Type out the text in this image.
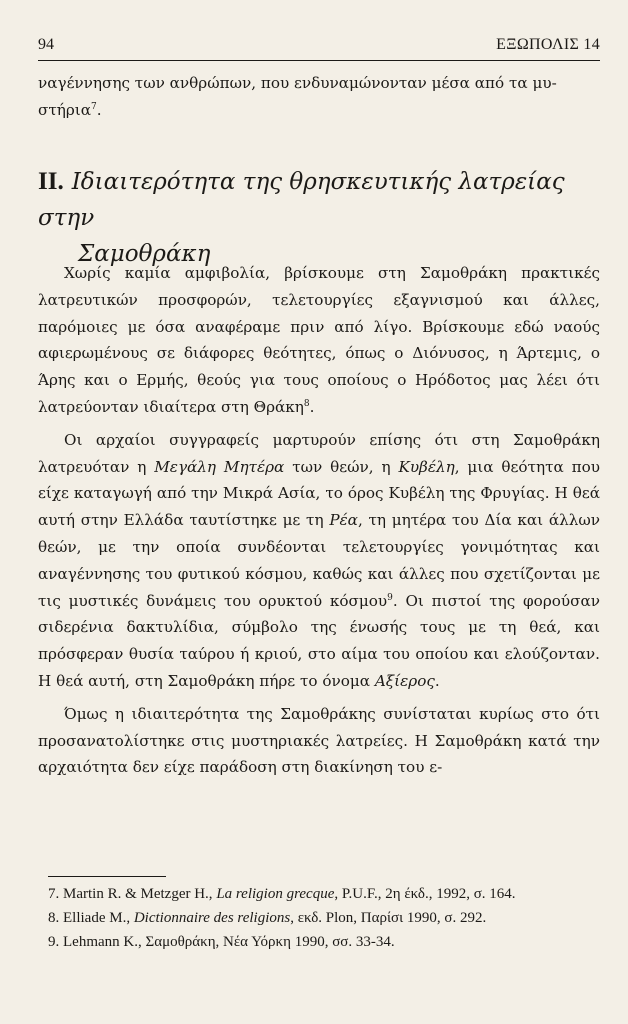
94	ΕΞΩΠΟΛΙΣ 14

ναγέννησης των ανθρώπων, που ενδυναμώνονταν μέσα από τα μυ-
στήρια$^7$.

II. Ιδιαιτερότητα της θρησκευτικής λατρείας στην
Σαμοθράκη

Χωρίς καμία αμφιβολία, βρίσκουμε στη Σαμοθράκη πρακτικές λατρευτικών προσφορών, τελετουργίες εξαγνισμού και άλλες, παρόμοιες με όσα αναφέραμε πριν από λίγο. Βρίσκουμε εδώ ναούς αφιερωμένους σε διάφορες θεότητες, όπως ο Διόνυσος, η Άρτεμις, ο Άρης και ο Ερμής, θεούς για τους οποίους ο Ηρόδοτος μας λέει ότι λατρεύονταν ιδιαίτερα στη Θράκη$^8$.

Οι αρχαίοι συγγραφείς μαρτυρούν επίσης ότι στη Σαμοθράκη λατρευόταν η Μεγάλη Μητέρα των θεών, η Κυβέλη, μια θεότητα που είχε καταγωγή από την Μικρά Ασία, το όρος Κυβέλη της Φρυγίας. Η θεά αυτή στην Ελλάδα ταυτίστηκε με τη Ρέα, τη μητέρα του Δία και άλλων θεών, με την οποία συνδέονται τελετουργίες γονιμότητας και αναγέννησης του φυτικού κόσμου, καθώς και άλλες που σχετίζονται με τις μυστικές δυνάμεις του ορυκτού κόσμου$^9$. Οι πιστοί της φορούσαν σιδερένια δακτυλίδια, σύμβολο της ένωσής τους με τη θεά, και πρόσφεραν θυσία ταύρου ή κριού, στο αίμα του οποίου και ελούζονταν. Η θεά αυτή, στη Σαμοθράκη πήρε το όνομα Αξίερος.

Όμως η ιδιαιτερότητα της Σαμοθράκης συνίσταται κυρίως στο ότι προσανατολίστηκε στις μυστηριακές λατρείες. Η Σαμοθράκη κατά την αρχαιότητα δεν είχε παράδοση στη διακίνηση του ε-

7. Martin R. & Metzger H., La religion grecque, P.U.F., 2η έκδ., 1992, σ. 164.

8. Elliade M., Dictionnaire des religions, εκδ. Plon, Παρίσι 1990, σ. 292.

9. Lehmann K., Σαμοθράκη, Νέα Υόρκη 1990, σσ. 33-34.
